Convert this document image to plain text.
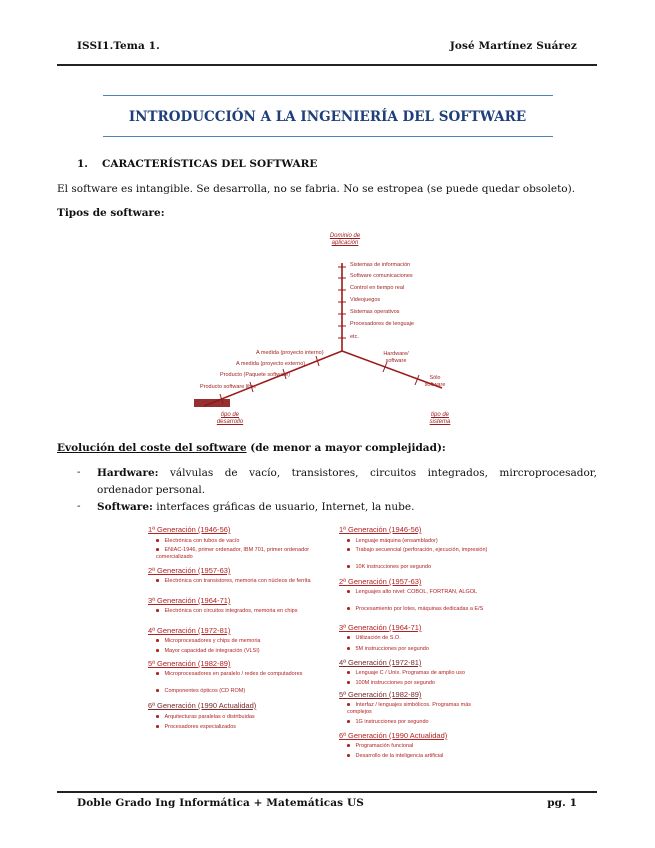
ISSI1.Tema 1.	José Martínez Suárez
INTRODUCCIÓN A LA INGENIERÍA DEL SOFTWARE
1. CARACTERÍSTICAS DEL SOFTWARE
El software es intangible. Se desarrolla, no se fabria. No se estropea (se puede quedar obsoleto).
Tipos de software:
Dominio de aplicación
Sistemas de información
Software comunicaciones
Control en tiempo real
Videojuegos
Sistemas operativos
Procesadores de lenguaje
etc.
A medida (proyecto interno)
A medida (proyecto externo)
Producto (Paquete software)
Producto software libre
Hardware/ software
Sólo software
tipo de desarrollo
tipo de sistema
Evolución del coste del software (de menor a mayor complejidad):
- Hardware: válvulas de vacío, transistores, circuitos integrados, mircroprocesador, ordenador personal.
- Software: interfaces gráficas de usuario, Internet, la nube.
1ª Generación (1946-56)
Electrónica con tubos de vacío
ENIAC-1946, primer ordenador, IBM 701, primer ordenador comercializado
2ª Generación (1957-63)
Electrónica con transistores, memoria con núcleos de ferrita
3ª Generación (1964-71)
Electrónica con circuitos integrados, memoria en chips
4ª Generación (1972-81)
Microprocesadores y chips de memoria
Mayor capacidad de integración (VLSI)
5ª Generación (1982-89)
Microprocesadores en paralelo / redes de computadores
Componentes ópticos (CD ROM)
6ª Generación (1990 Actualidad)
Arquitecturas paralelas o distribuidas
Procesadores especializados
1ª Generación (1946-56)
Lenguaje máquina (ensamblador)
Trabajo secuencial (perforación, ejecución, impresión)
10K instrucciones por segundo
2ª Generación (1957-63)
Lenguajes alto nivel: COBOL, FORTRAN, ALGOL
Procesamiento por lotes, máquinas dedicadas a E/S
3ª Generación (1964-71)
Utilización de S.O.
5M instrucciones por segundo
4ª Generación (1972-81)
Lenguaje C / Unix. Programas de amplio uso
100M instrucciones por segundo
5ª Generación (1982-89)
Interfaz / lenguajes simbólicos. Programas más complejos
1G instrucciones por segundo
6ª Generación (1990 Actualidad)
Programación funcional
Desarrollo de la inteligencia artificial
Doble Grado Ing Informática + Matemáticas US	pg. 1
